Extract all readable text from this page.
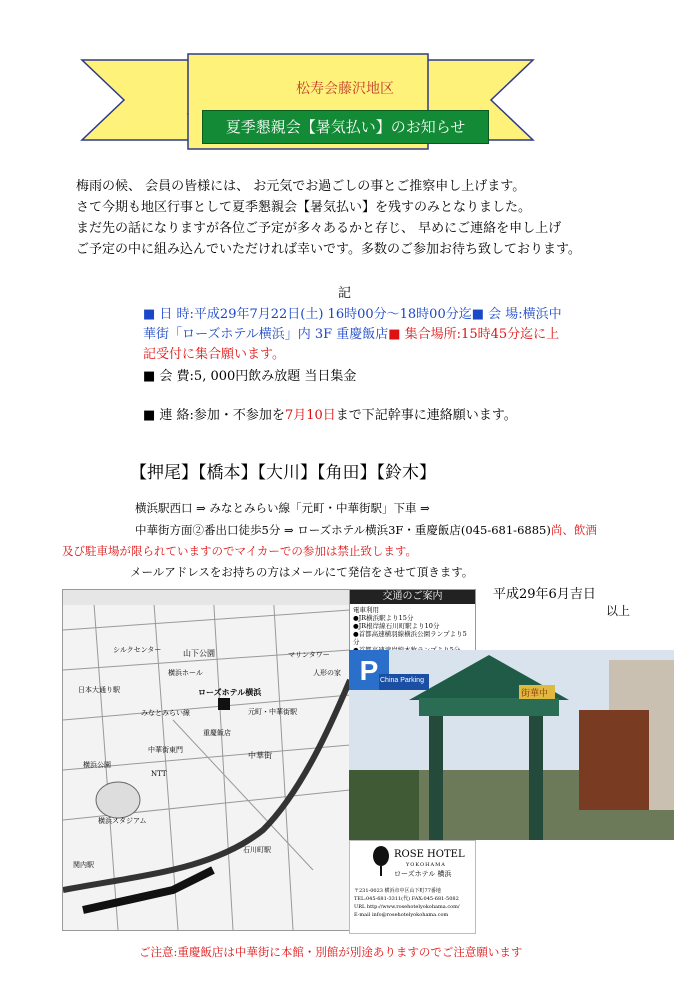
松寿会藤沢地区
夏季懇親会【暑気払い】のお知らせ
梅雨の候、 会員の皆様には、 お元気でお過ごしの事とご推察申し上げます。
さて今期も地区行事として夏季懇親会【暑気払い】を残すのみとなりました。
まだ先の話になりますが各位ご予定が多々あるかと存じ、 早めにご連絡を申し上げ
ご予定の中に組み込んでいただければ幸いです。多数のご参加お待ち致しております。
記
■ 日 時:平成29年7月22日(土) 16時00分～18時00分迄■ 会 場:横浜中
華街「ローズホテル横浜」内 3F 重慶飯店■ 集合場所:15時45分迄に上
記受付に集合願います。
■ 会 費:5, 000円飲み放題 当日集金
■ 連 絡:参加・不参加を7月10日まで下記幹事に連絡願います。
【押尾】【橋本】【大川】【角田】【鈴木】
横浜駅西口 ⇒ みなとみらい線「元町・中華街駅」下車 ⇒
中華街方面②番出口徒歩5分 ⇒ ローズホテル横浜3F・重慶飯店(045-681-6885)尚、飲酒
及び駐車場が限られていますのでマイカーでの参加は禁止致します。
メールアドレスをお持ちの方はメールにて発信をさせて頂きます。
平成29年6月吉日
以上
山下公園
横浜ホール
ローズホテル横浜
みなとみらい線
中華街
元町・中華街駅
重慶飯店
横浜スタジアム
中華街東門
NTT
シルクセンター
日本大通り駅
マリンタワー
人形の家
横浜公園
石川町駅
関内駅
交通のご案内
電車利用
●JR横浜駅より15分
●JR根岸線石川町駅より10分
●首都高速横羽線横浜公園ランプより5分
P China Parking
街華中
ROSE HOTEL
YOKOHAMA
ローズホテル 横浜
〒231-0023 横浜市中区山下町77番地
TEL:045-681-3311(代) FAX:045-681-5082
URL http://www.rosehotelyokohama.com/
E-mail info@rosehotelyokohama.com
ご注意:重慶飯店は中華街に本館・別館が別途ありますのでご注意願います
